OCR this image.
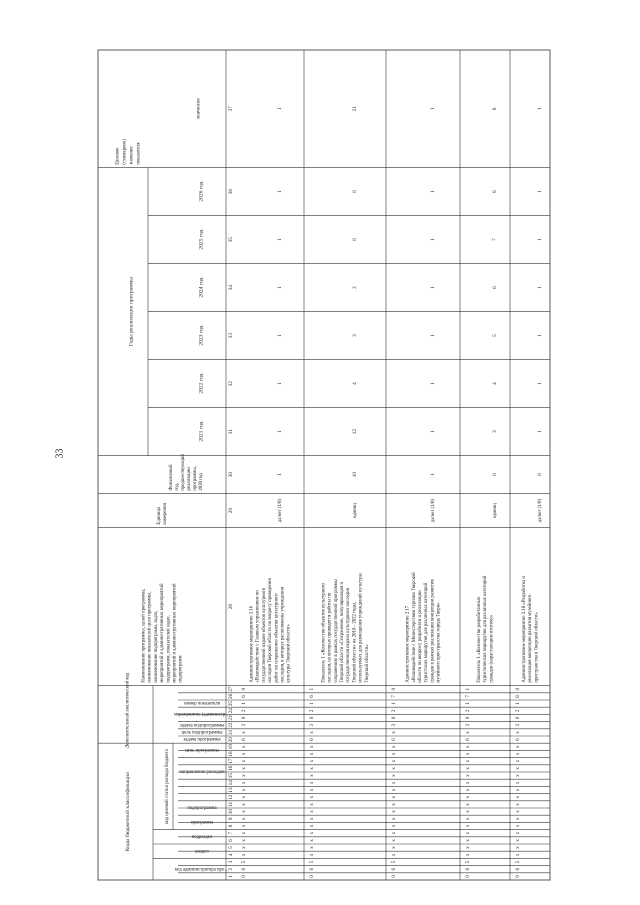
33
Коды бюджетной классификации
Дополнительный аналитический код
код целевой статьи расхода бюджета
код администратора про…
раздел
подраздел
программа
подпрограмма
направление расходов
цель программы
задача программы
цель подпрограммы
задача подпрограммы
мероприятие (администр…
номер показателя
Наименование программы, целей программы, наименование показателей цели программы, наименование подпрограмм, задач, мероприятий и административных мероприятий подпрограмм, показателей задач, мероприятий и административных мероприятий подпрограмм
Единица измерения
Финансовый год, предшествующий реализации программы, 2020 год
Годы реализации программы
2021 год
2022 год
2023 год
2024 год
2025 год
2026 год
Целевое (суммарное) значение показателя
значение
1
2
3
4
5
6
7
8
9
10
11
12
13
14
15
16
17
18
19
20
21
22
23
24
25
26
27
28
29
30
31
32
33
34
35
36
37
0
6
5
x
x
x
x
x
x
x
x
x
x
x
x
x
x
x
x
6
x
3
0
2
1
6
0
Административное мероприятие 2.16 «Взаимодействие с Главным управлением по государственной охране объектов культурного наследия Тверской области по вопросу проведения работ по сохранению объектов культурного наследия, в которых расположены учреждения культуры Тверской области»
да/нет (1/0)
1
1
1
1
1
1
1
1
0
6
5
x
x
x
x
x
x
x
x
x
x
x
x
x
x
x
x
6
x
3
0
2
1
6
1
Показатель 1 «Количество объектов культурного наследия, на которых проводятся работы по сохранению в рамках государственной программы Тверской области «Сохранение, популяризация и государственная охрана культурного наследия Тверской области» на 2018 - 2022 годы, используемых для размещения учреждений культуры Тверской области»
единиц
10
12
4
3
2
0
0
21
0
6
5
x
x
x
x
x
x
x
x
x
x
x
x
x
x
x
x
6
x
3
0
2
1
7
0
Административное мероприятие 2.17 «Взаимодействие с Министерством туризма Тверской области по вопросу разработки и реализации туристских маршрутов для различных категорий граждан в рамках реализации концепции развития музейного пространства города Твери»
да/нет (1/0)
1
1
1
1
1
1
1
1
0
6
5
x
x
x
x
x
x
x
x
x
x
x
x
x
x
x
x
6
x
3
0
2
1
7
1
Показатель 1 «Количество разработанных туристических маршрутов для различных категорий граждан (нарастающим итогом)»
единиц
0
3
4
5
6
7
8
8
0
6
5
x
x
x
x
x
x
x
x
x
x
x
x
x
x
x
x
6
x
3
0
2
1
8
0
Административное мероприятие 2.18 «Разработка и реализация концепции развития музейного пространства в Тверской области»
да/нет (1/0)
0
1
1
1
1
1
1
1
